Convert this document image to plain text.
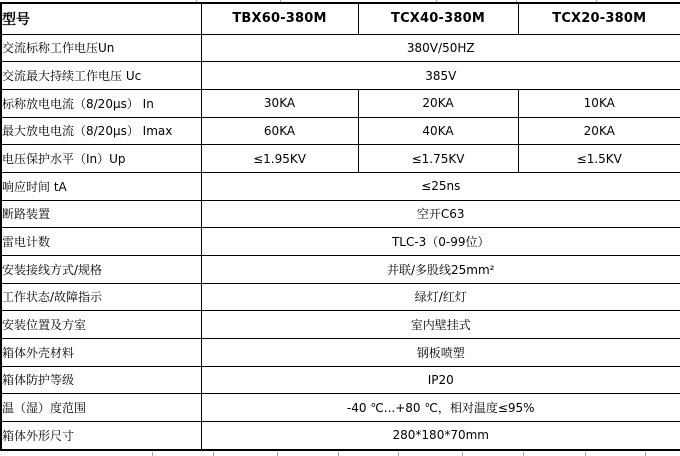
型号	TBX60-380M	TCX40-380M	TCX20-380M
交流标称工作电压Un	380V/50HZ		
交流最大持续工作电压 Uc	385V		
标称放电电流（8/20μs） In	30KA	20KA	10KA
最大放电电流（8/20μs） Imax	60KA	40KA	20KA
电压保护水平（In）Up	≤1.95KV	≤1.75KV	≤1.5KV
响应时间 tA	≤25ns		
断路装置	空开C63		
雷电计数	TLC-3（0-99位）		
安装接线方式/规格	并联/多股线25mm²		
工作状态/故障指示	绿灯/红灯		
安装位置及方室	室内壁挂式		
箱体外壳材料	钢板喷塑		
箱体防护等级	IP20		
温（湿）度范围	-40 ℃...+80 ℃，相对温度≤95%		
箱体外形尺寸	280*180*70mm		
